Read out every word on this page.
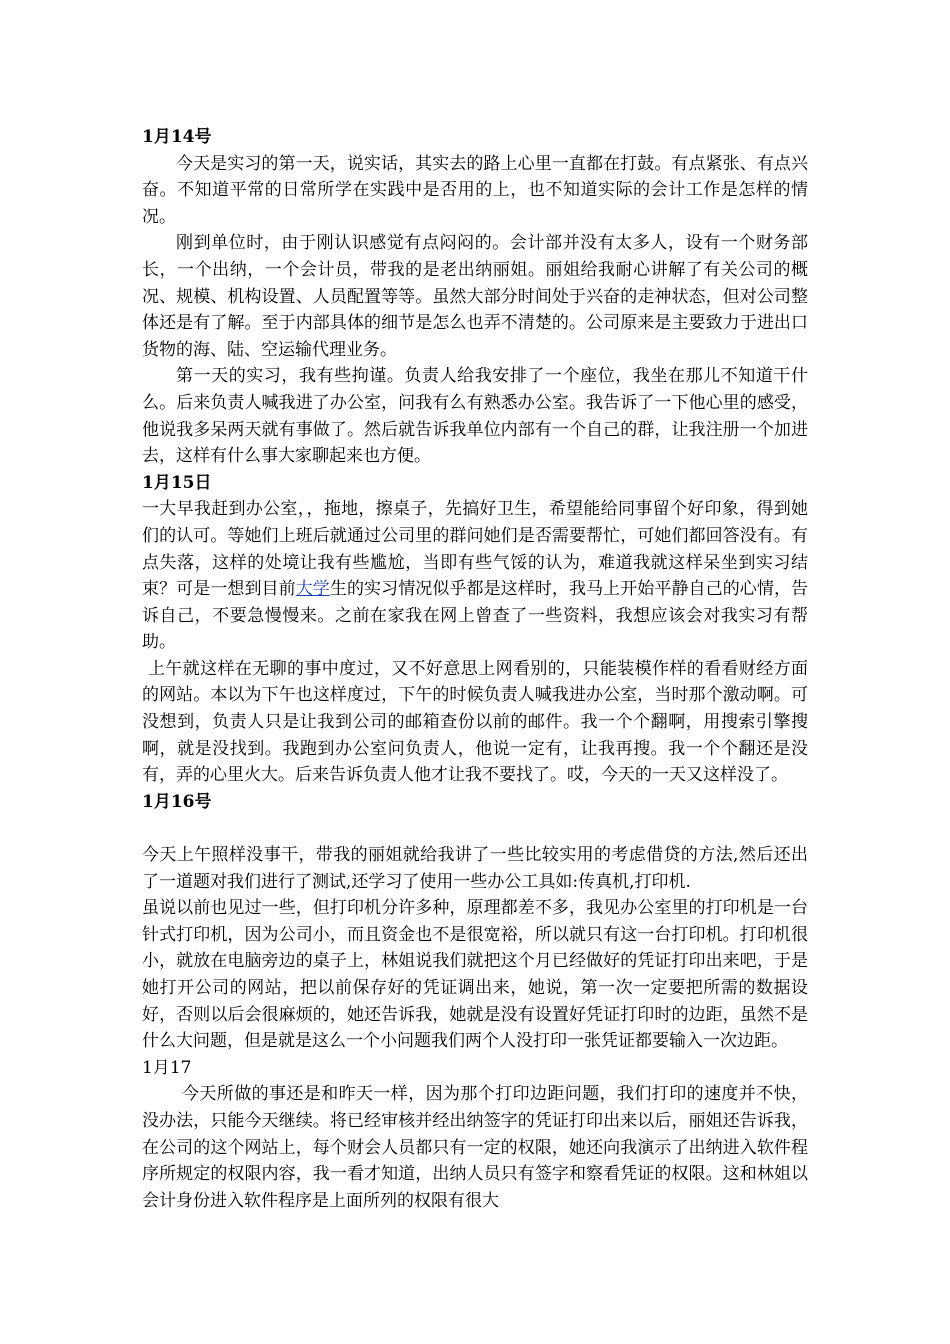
1月14号

今天是实习的第一天，说实话，其实去的路上心里一直都在打鼓。有点紧张、有点兴奋。不知道平常的日常所学在实践中是否用的上，也不知道实际的会计工作是怎样的情况。

刚到单位时，由于刚认识感觉有点闷闷的。会计部并没有太多人，设有一个财务部长，一个出纳，一个会计员，带我的是老出纳丽姐。丽姐给我耐心讲解了有关公司的概况、规模、机构设置、人员配置等等。虽然大部分时间处于兴奋的走神状态，但对公司整体还是有了解。至于内部具体的细节是怎么也弄不清楚的。公司原来是主要致力于进出口货物的海、陆、空运输代理业务。

第一天的实习，我有些拘谨。负责人给我安排了一个座位，我坐在那儿不知道干什么。后来负责人喊我进了办公室，问我有么有熟悉办公室。我告诉了一下他心里的感受，他说我多呆两天就有事做了。然后就告诉我单位内部有一个自己的群，让我注册一个加进去，这样有什么事大家聊起来也方便。

1月15日

一大早我赶到办公室，，拖地，擦桌子，先搞好卫生，希望能给同事留个好印象，得到她们的认可。等她们上班后就通过公司里的群问她们是否需要帮忙，可她们都回答没有。有点失落，这样的处境让我有些尴尬，当即有些气馁的认为，难道我就这样呆坐到实习结束？可是一想到目前大学生的实习情况似乎都是这样时，我马上开始平静自己的心情，告诉自己，不要急慢慢来。之前在家我在网上曾查了一些资料，我想应该会对我实习有帮助。

上午就这样在无聊的事中度过，又不好意思上网看别的，只能装模作样的看看财经方面的网站。本以为下午也这样度过，下午的时候负责人喊我进办公室，当时那个激动啊。可没想到，负责人只是让我到公司的邮箱查份以前的邮件。我一个个翻啊，用搜索引擎搜啊，就是没找到。我跑到办公室问负责人，他说一定有，让我再搜。我一个个翻还是没有，弄的心里火大。后来告诉负责人他才让我不要找了。哎，今天的一天又这样没了。

1月16号

今天上午照样没事干，带我的丽姐就给我讲了一些比较实用的考虑借贷的方法,然后还出了一道题对我们进行了测试,还学习了使用一些办公工具如:传真机,打印机.

虽说以前也见过一些，但打印机分许多种，原理都差不多，我见办公室里的打印机是一台针式打印机，因为公司小，而且资金也不是很宽裕，所以就只有这一台打印机。打印机很小，就放在电脑旁边的桌子上，林姐说我们就把这个月已经做好的凭证打印出来吧，于是她打开公司的网站，把以前保存好的凭证调出来，她说，第一次一定要把所需的数据设好，否则以后会很麻烦的，她还告诉我，她就是没有设置好凭证打印时的边距，虽然不是什么大问题，但是就是这么一个小问题我们两个人没打印一张凭证都要输入一次边距。

1月17

今天所做的事还是和昨天一样，因为那个打印边距问题，我们打印的速度并不快，没办法，只能今天继续。将已经审核并经出纳签字的凭证打印出来以后，丽姐还告诉我，在公司的这个网站上，每个财会人员都只有一定的权限，她还向我演示了出纳进入软件程序所规定的权限内容，我一看才知道，出纳人员只有签字和察看凭证的权限。这和林姐以会计身份进入软件程序是上面所列的权限有很大
